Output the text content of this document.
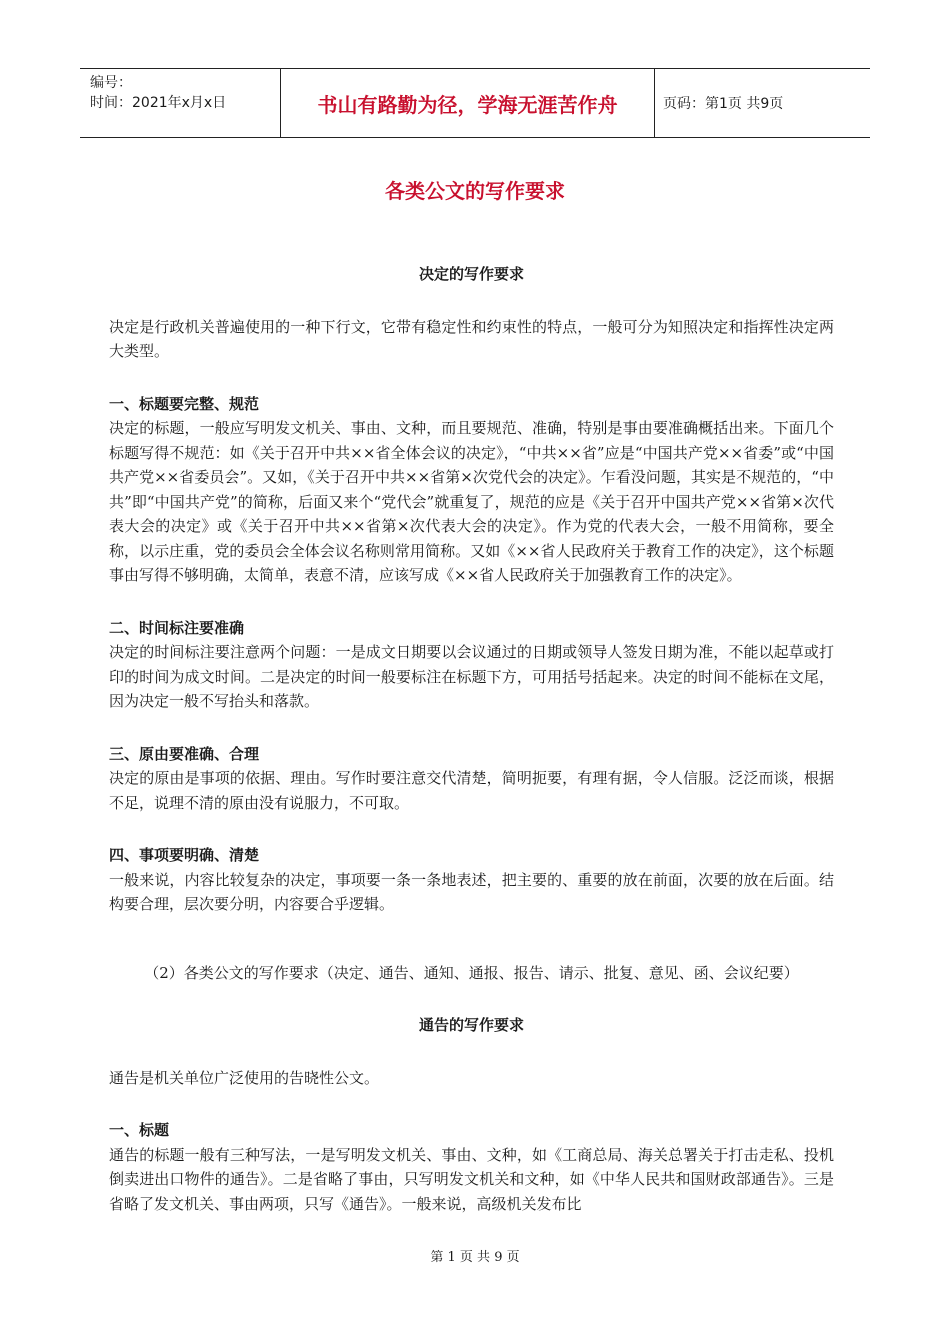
编号：
时间：2021年x月x日	书山有路勤为径，学海无涯苦作舟	页码：第1页 共9页
各类公文的写作要求

决定的写作要求

决定是行政机关普遍使用的一种下行文，它带有稳定性和约束性的特点，一般可分为知照决定和指挥性决定两大类型。

一、标题要完整、规范

决定的标题，一般应写明发文机关、事由、文种，而且要规范、准确，特别是事由要准确概括出来。下面几个标题写得不规范：如《关于召开中共××省全体会议的决定》，“中共××省”应是“中国共产党××省委”或“中国共产党××省委员会”。又如，《关于召开中共××省第×次党代会的决定》。乍看没问题，其实是不规范的，“中共”即“中国共产党”的简称，后面又来个“党代会”就重复了，规范的应是《关于召开中国共产党××省第×次代表大会的决定》或《关于召开中共××省第×次代表大会的决定》。作为党的代表大会，一般不用简称，要全称，以示庄重，党的委员会全体会议名称则常用简称。又如《××省人民政府关于教育工作的决定》，这个标题事由写得不够明确，太简单，表意不清，应该写成《××省人民政府关于加强教育工作的决定》。

二、时间标注要准确

决定的时间标注要注意两个问题：一是成文日期要以会议通过的日期或领导人签发日期为准，不能以起草或打印的时间为成文时间。二是决定的时间一般要标注在标题下方，可用括号括起来。决定的时间不能标在文尾，因为决定一般不写抬头和落款。

三、原由要准确、合理

决定的原由是事项的依据、理由。写作时要注意交代清楚，简明扼要，有理有据，令人信服。泛泛而谈，根据不足，说理不清的原由没有说服力，不可取。

四、事项要明确、清楚

一般来说，内容比较复杂的决定，事项要一条一条地表述，把主要的、重要的放在前面，次要的放在后面。结构要合理，层次要分明，内容要合乎逻辑。

（2）各类公文的写作要求（决定、通告、通知、通报、报告、请示、批复、意见、函、会议纪要）

通告的写作要求

通告是机关单位广泛使用的告晓性公文。

一、标题

通告的标题一般有三种写法，一是写明发文机关、事由、文种，如《工商总局、海关总署关于打击走私、投机倒卖进出口物件的通告》。二是省略了事由，只写明发文机关和文种，如《中华人民共和国财政部通告》。三是省略了发文机关、事由两项，只写《通告》。一般来说，高级机关发布比

第 1 页 共 9 页
